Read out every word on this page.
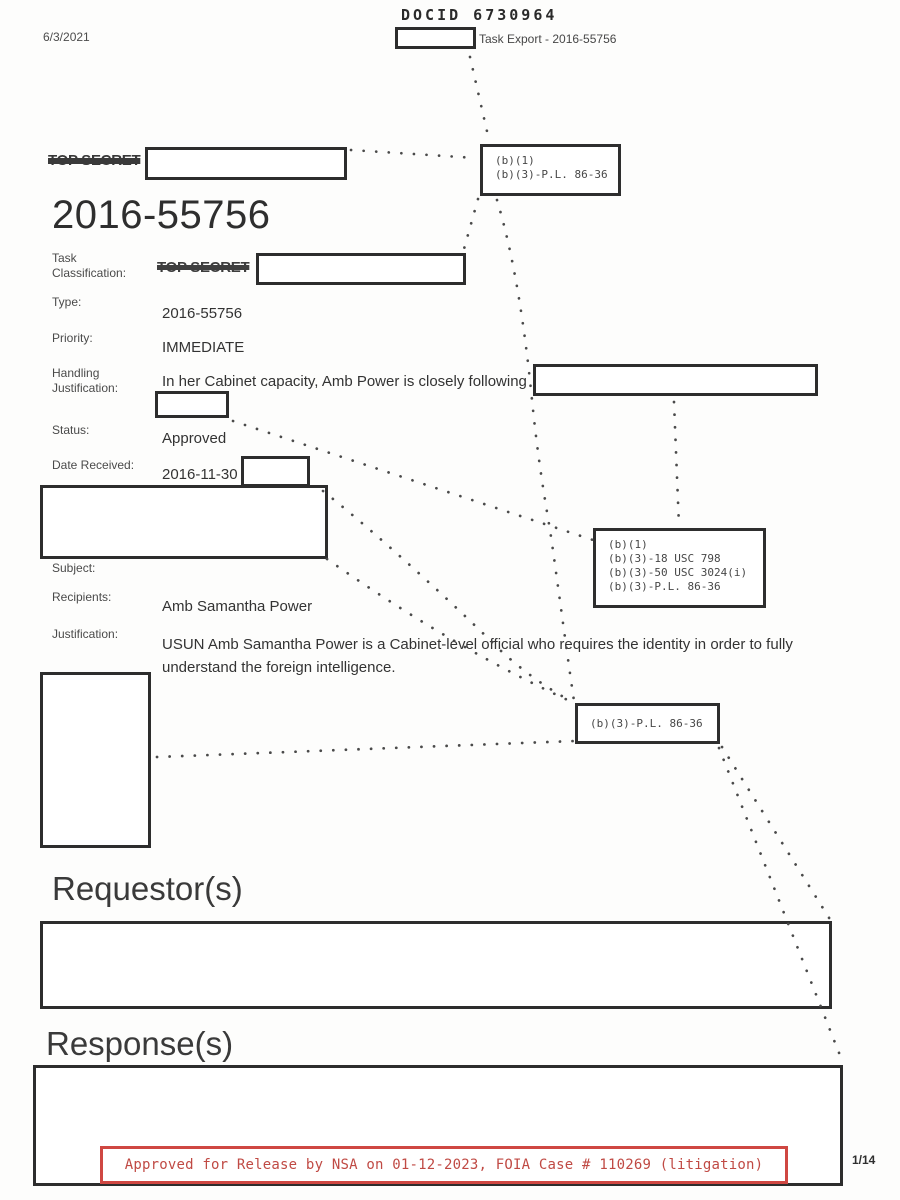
DOCID 6730964
6/3/2021	Task Export - 2016-55756
TOP SECRET	(b)(1)
(b)(3)-P.L. 86-36
2016-55756
Task Classification:	TOP SECRET
Type:
2016-55756
Priority:
IMMEDIATE
Handling Justification:	In her Cabinet capacity, Amb Power is closely following
Status:	Approved
Date Received:
2016-11-30
Subject:
(b)(1)
(b)(3)-18 USC 798
(b)(3)-50 USC 3024(i)
(b)(3)-P.L. 86-36
Recipients:
Amb Samantha Power
Justification:
USUN Amb Samantha Power is a Cabinet-level official who requires the identity in order to fully
understand the foreign intelligence.
(b)(3)-P.L. 86-36
Requestor(s)
Response(s)
Approved for Release by NSA on 01-12-2023, FOIA Case # 110269 (litigation)	1/14
